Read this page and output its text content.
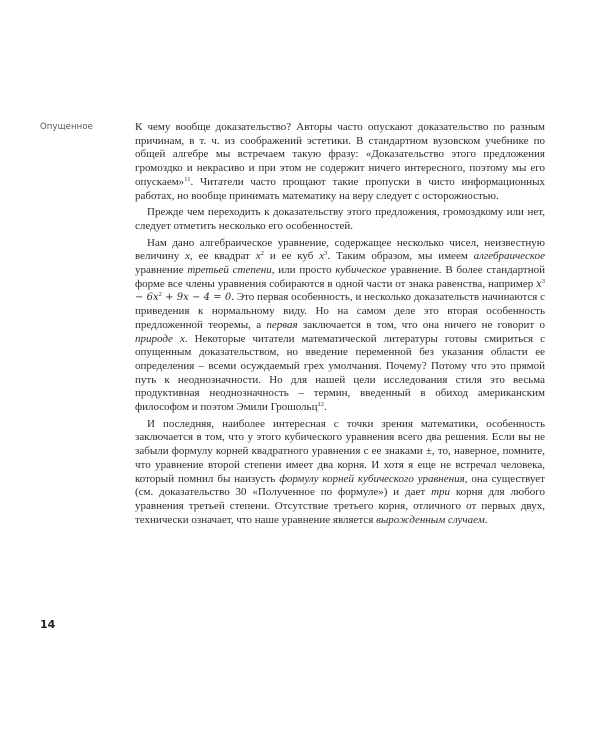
Опущенное	К чему вообще доказательство? Авторы часто опускают доказательство по разным причинам, в т. ч. из соображений эстетики. В стандартном вузовском учебнике по общей алгебре мы встречаем такую фразу: «Доказательство этого предложения громоздко и некрасиво и при этом не содержит ничего интересного, поэтому мы его опускаем»$^{11}$. Читатели часто прощают такие пропуски в чисто информационных работах, но вообще принимать математику на веру следует с осторожностью.

Прежде чем переходить к доказательству этого предложения, громоздкому или нет, следует отметить несколько его особенностей.

Нам дано алгебраическое уравнение, содержащее несколько чисел, неизвестную величину x, ее квадрат $x^2$ и ее куб $x^3$. Таким образом, мы имеем алгебраическое уравнение третьей степени, или просто кубическое уравнение. В более стандартной форме все члены уравнения собираются в одной части от знака равенства, например $x^3 - 6x^2 + 9x - 4 = 0$. Это первая особенность, и несколько доказательств начинаются с приведения к нормальному виду. Но на самом деле это вторая особенность предложенной теоремы, а первая заключается в том, что она ничего не говорит о природе x. Некоторые читатели математической литературы готовы смириться с опущенным доказательством, но введение переменной без указания области ее определения – всеми осуждаемый грех умолчания. Почему? Потому что это прямой путь к неоднозначности. Но для нашей цели исследования стиля это весьма продуктивная неоднозначность – термин, введенный в обиход американским философом и поэтом Эмили Грошольц$^{12}$.

И последняя, наиболее интересная с точки зрения математики, особенность заключается в том, что у этого кубического уравнения всего два решения. Если вы не забыли формулу корней квадратного уравнения с ее знаками ±, то, наверное, помните, что уравнение второй степени имеет два корня. И хотя я еще не встречал человека, который помнил бы наизусть формулу корней кубического уравнения, она существует (см. доказательство 30 «Полученное по формуле») и дает три корня для любого уравнения третьей степени. Отсутствие третьего корня, отличного от первых двух, технически означает, что наше уравнение является вырожденным случаем.

14
